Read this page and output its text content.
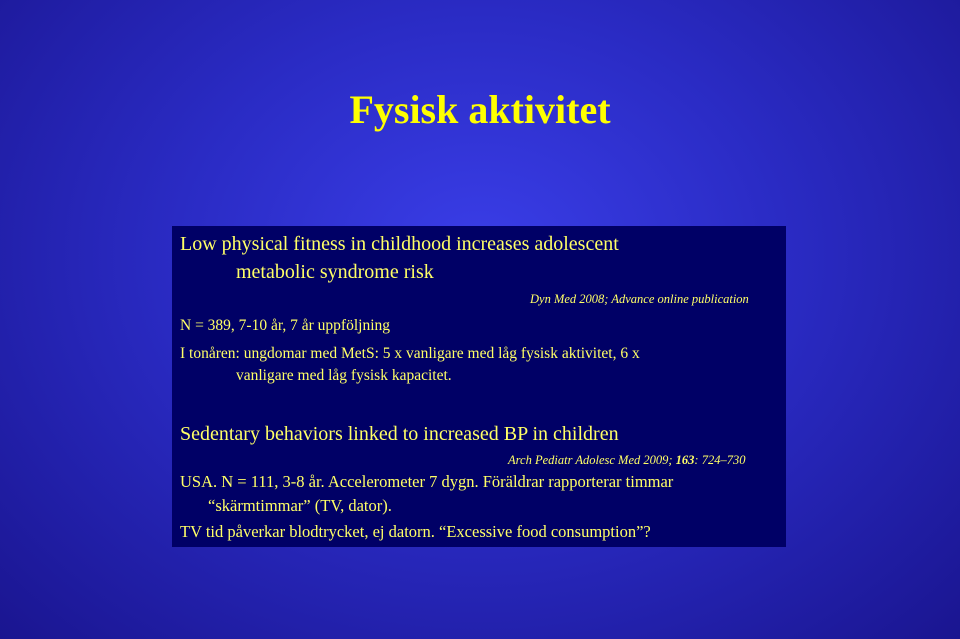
Fysisk aktivitet
Low physical fitness in childhood increases adolescent
metabolic syndrome risk
Dyn Med 2008; Advance online publication
N = 389, 7-10 år, 7 år uppföljning
I tonåren: ungdomar med MetS: 5 x vanligare med låg fysisk aktivitet, 6 x
vanligare med låg fysisk kapacitet.
Sedentary behaviors linked to increased BP in children
Arch Pediatr Adolesc Med 2009; 163: 724–730
USA. N = 111, 3-8 år. Accelerometer 7 dygn. Föräldrar rapporterar timmar
“skärmtimmar” (TV, dator).
TV tid påverkar blodtrycket, ej datorn. “Excessive food consumption”?
